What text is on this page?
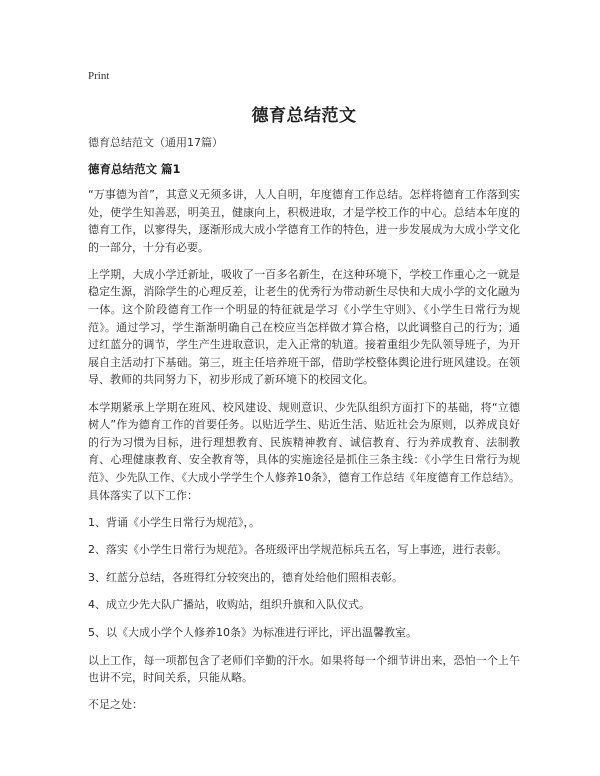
Print
德育总结范文
德育总结范文（通用17篇）
德育总结范文 篇1

“万事德为首”，其意义无须多讲，人人自明，年度德育工作总结。怎样将德育工作落到实处，使学生知善恶，明美丑，健康向上，积极进取，才是学校工作的中心。总结本年度的德育工作，以寥得失，逐渐形成大成小学德育工作的特色，进一步发展成为大成小学文化的一部分，十分有必要。

上学期，大成小学迁新址，吸收了一百多名新生，在这种环境下，学校工作重心之一就是稳定生源，消除学生的心理反差，让老生的优秀行为带动新生尽快和大成小学的文化融为一体。这个阶段德育工作一个明显的特征就是学习《小学生守则》、《小学生日常行为规范》。通过学习，学生渐渐明确自己在校应当怎样做才算合格，以此调整自己的行为；通过红蓝分的调节，学生产生进取意识，走入正常的轨道。接着重组少先队领导班子，为开展自主活动打下基础。第三，班主任培养班干部，借助学校整体舆论进行班风建设。在领导、教师的共同努力下，初步形成了新环境下的校园文化。

本学期紧承上学期在班风、校风建设、规则意识、少先队组织方面打下的基础，将“立德树人”作为德育工作的首要任务。以贴近学生、贴近生活、贴近社会为原则，以养成良好的行为习惯为目标，进行理想教育、民族精神教育、诚信教育、行为养成教育、法制教育、心理健康教育、安全教育等，具体的实施途径是抓住三条主线：《小学生日常行为规范》、少先队工作、《大成小学学生个人修养10条》，德育工作总结《年度德育工作总结》。具体落实了以下工作：

1、背诵《小学生日常行为规范》，。

2、落实《小学生日常行为规范》。各班级评出学规范标兵五名，写上事迹，进行表彰。

3、红蓝分总结，各班得红分较突出的，德育处给他们照相表彰。

4、成立少先大队广播站，收购站，组织升旗和入队仪式。

5、以《大成小学个人修养10条》为标准进行评比，评出温馨教室。

以上工作，每一项都包含了老师们辛勤的汗水。如果将每一个细节讲出来，恐怕一个上午也讲不完，时间关系，只能从略。

不足之处：
